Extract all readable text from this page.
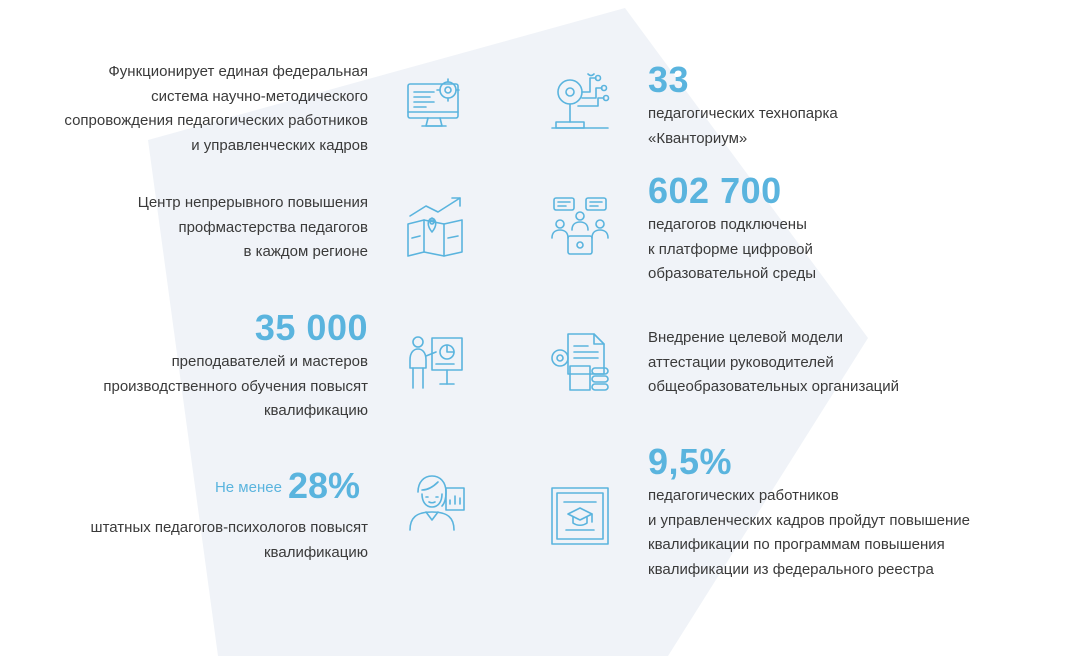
Функционирует единая федеральная
система научно-методического
сопровождения педагогических работников
и управленческих кадров
Центр непрерывного повышения
профмастерства педагогов
в каждом регионе
35 000
преподавателей и мастеров
производственного обучения повысят
квалификацию
Не менее 28%
штатных педагогов-психологов повысят
квалификацию
33
педагогических технопарка
«Кванториум»
602 700
педагогов подключены
к платформе цифровой
образовательной среды
Внедрение целевой модели
аттестации руководителей
общеобразовательных организаций
9,5%
педагогических работников
и управленческих кадров пройдут повышение
квалификации по программам повышения
квалификации из федерального реестра
